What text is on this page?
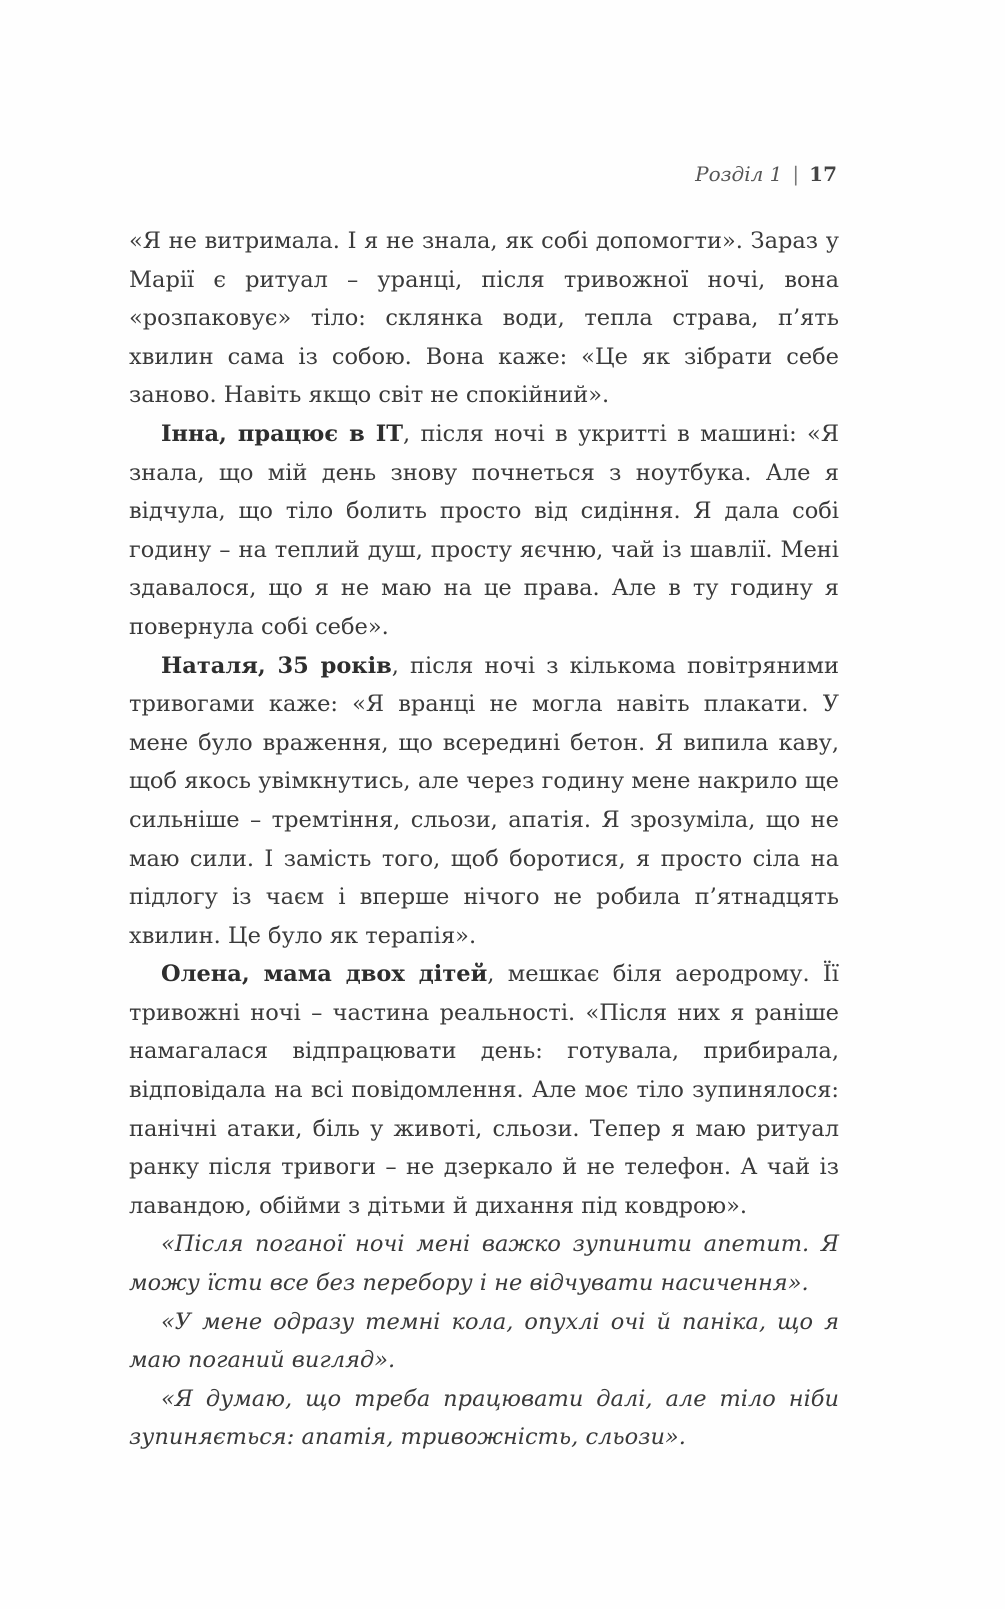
Розділ 1 | 17

«Я не витримала. І я не знала, як собі допомогти». Зараз у Марії є ритуал – уранці, після тривожної ночі, вона «розпаковує» тіло: склянка води, тепла страва, п’ять хвилин сама із собою. Вона каже: «Це як зібрати себе заново. Навіть якщо світ не спокійний».

Інна, працює в ІТ, після ночі в укритті в машині: «Я знала, що мій день знову почнеться з ноутбука. Але я відчула, що тіло болить просто від сидіння. Я дала собі годину – на теплий душ, просту яєчню, чай із шавлії. Мені здавалося, що я не маю на це права. Але в ту годину я повернула собі себе».

Наталя, 35 років, після ночі з кількома повітряними тривогами каже: «Я вранці не могла навіть плакати. У мене було враження, що всередині бетон. Я випила каву, щоб якось увімкнутись, але через годину мене накрило ще сильніше – тремтіння, сльози, апатія. Я зрозуміла, що не маю сили. І замість того, щоб боротися, я просто сіла на підлогу із чаєм і вперше нічого не робила п’ятнадцять хвилин. Це було як терапія».

Олена, мама двох дітей, мешкає біля аеродрому. Її тривожні ночі – частина реальності. «Після них я раніше намагалася відпрацювати день: готувала, прибирала, відповідала на всі повідомлення. Але моє тіло зупинялося: панічні атаки, біль у животі, сльози. Тепер я маю ритуал ранку після тривоги – не дзеркало й не телефон. А чай із лавандою, обійми з дітьми й дихання під ковдрою».

«Після поганої ночі мені важко зупинити апетит. Я можу їсти все без перебору і не відчувати насичення».

«У мене одразу темні кола, опухлі очі й паніка, що я маю поганий вигляд».

«Я думаю, що треба працювати далі, але тіло ніби зупиняється: апатія, тривожність, сльози».
